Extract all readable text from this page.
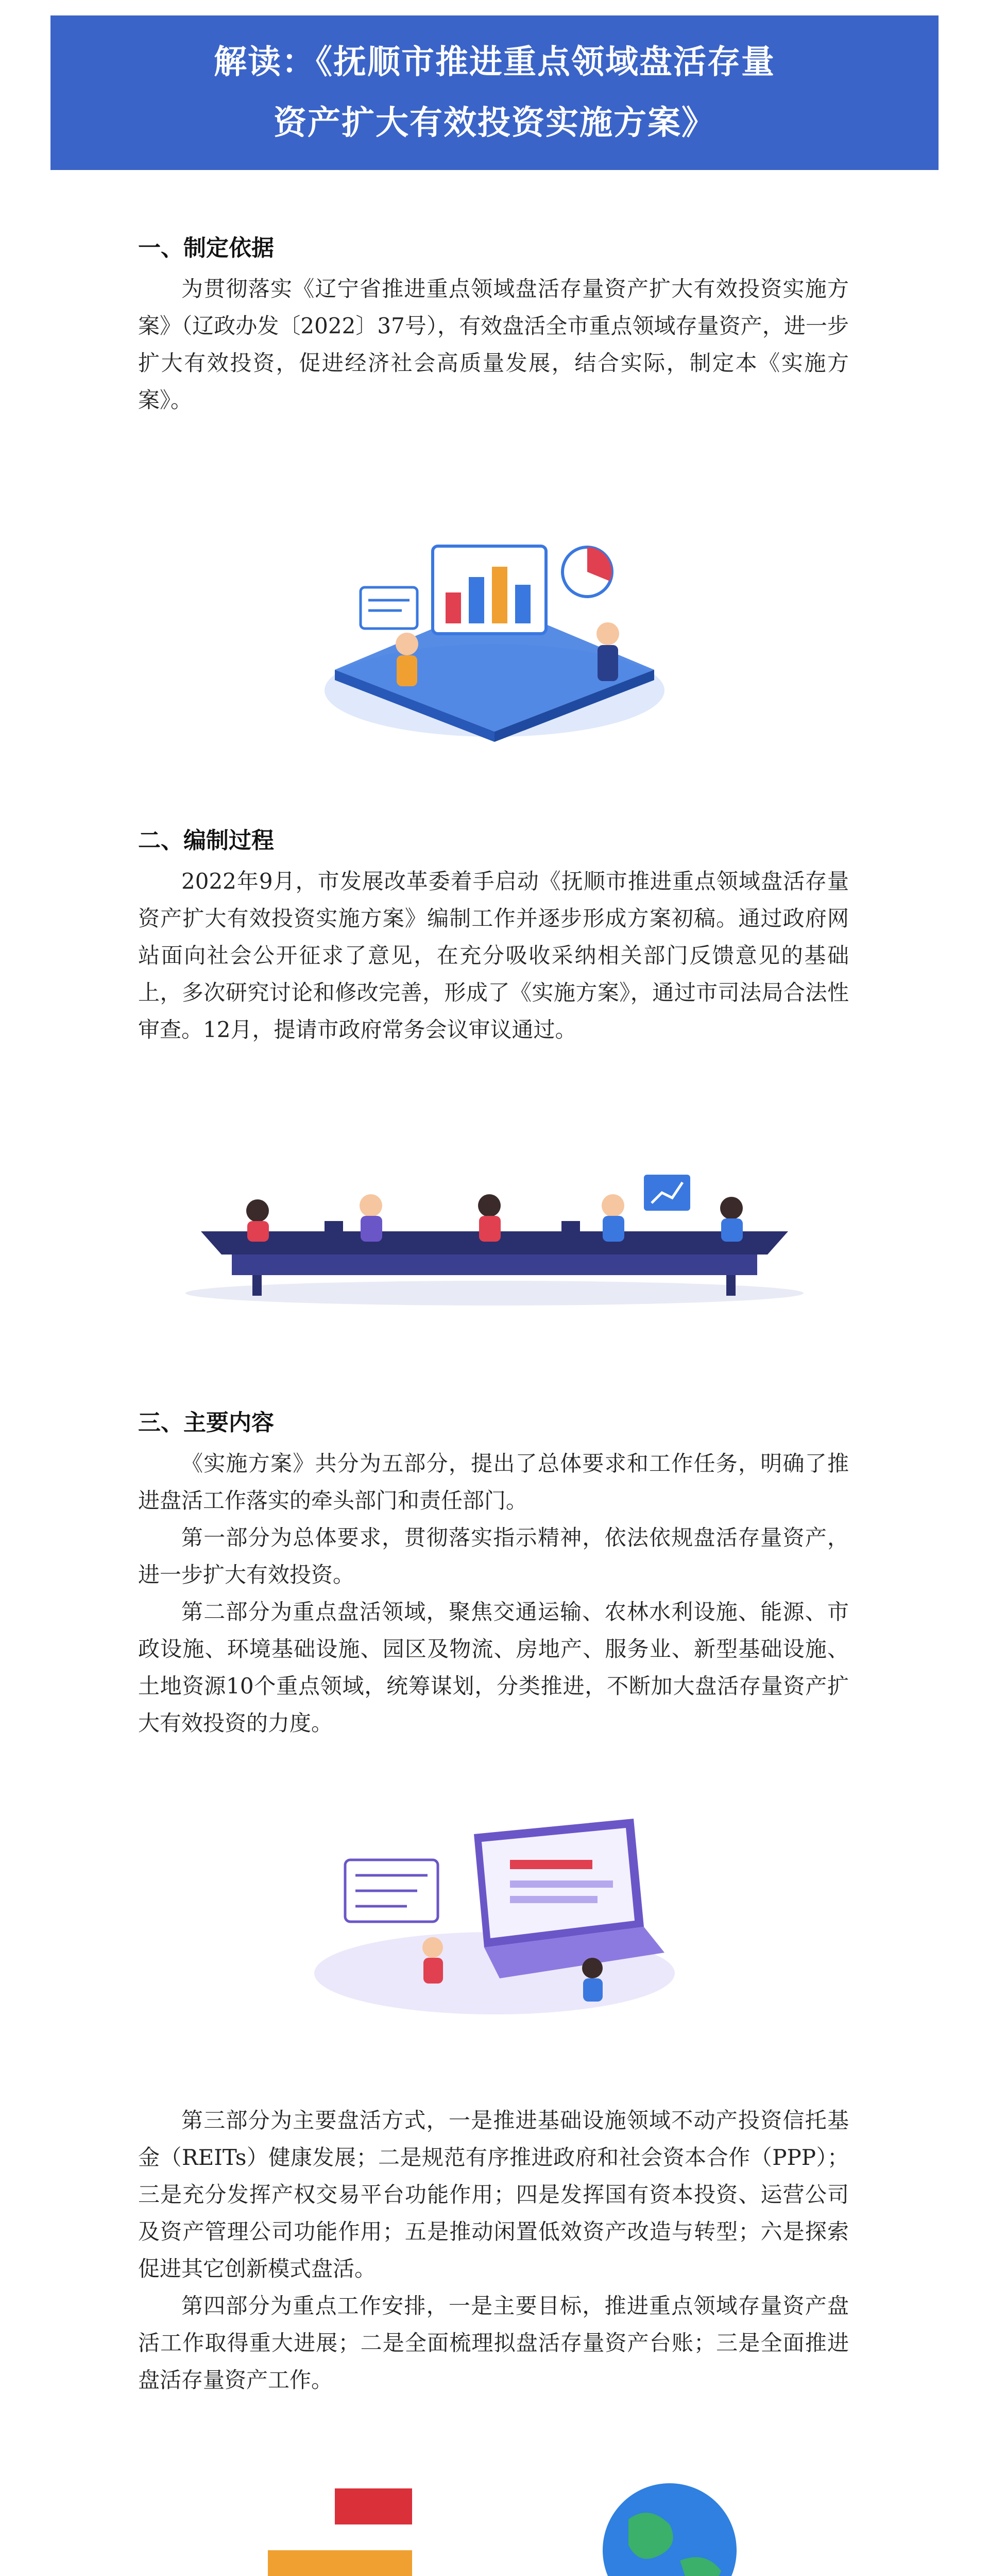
解读：《抚顺市推进重点领域盘活存量
资产扩大有效投资实施方案》
一、制定依据

为贯彻落实《辽宁省推进重点领域盘活存量资产扩大有效投资实施方案》（辽政办发〔2022〕37号），有效盘活全市重点领域存量资产，进一步扩大有效投资，促进经济社会高质量发展，结合实际，制定本《实施方案》。

二、编制过程

2022年9月，市发展改革委着手启动《抚顺市推进重点领域盘活存量资产扩大有效投资实施方案》编制工作并逐步形成方案初稿。通过政府网站面向社会公开征求了意见，在充分吸收采纳相关部门反馈意见的基础上，多次研究讨论和修改完善，形成了《实施方案》，通过市司法局合法性审查。12月，提请市政府常务会议审议通过。

三、主要内容

《实施方案》共分为五部分，提出了总体要求和工作任务，明确了推进盘活工作落实的牵头部门和责任部门。

第一部分为总体要求，贯彻落实指示精神，依法依规盘活存量资产，进一步扩大有效投资。

第二部分为重点盘活领域，聚焦交通运输、农林水利设施、能源、市政设施、环境基础设施、园区及物流、房地产、服务业、新型基础设施、土地资源10个重点领域，统筹谋划，分类推进，不断加大盘活存量资产扩大有效投资的力度。

第三部分为主要盘活方式，一是推进基础设施领域不动产投资信托基金（REITs）健康发展；二是规范有序推进政府和社会资本合作（PPP）；三是充分发挥产权交易平台功能作用；四是发挥国有资本投资、运营公司及资产管理公司功能作用；五是推动闲置低效资产改造与转型；六是探索促进其它创新模式盘活。

第四部分为重点工作安排，一是主要目标，推进重点领域存量资产盘活工作取得重大进展；二是全面梳理拟盘活存量资产台账；三是全面推进盘活存量资产工作。
